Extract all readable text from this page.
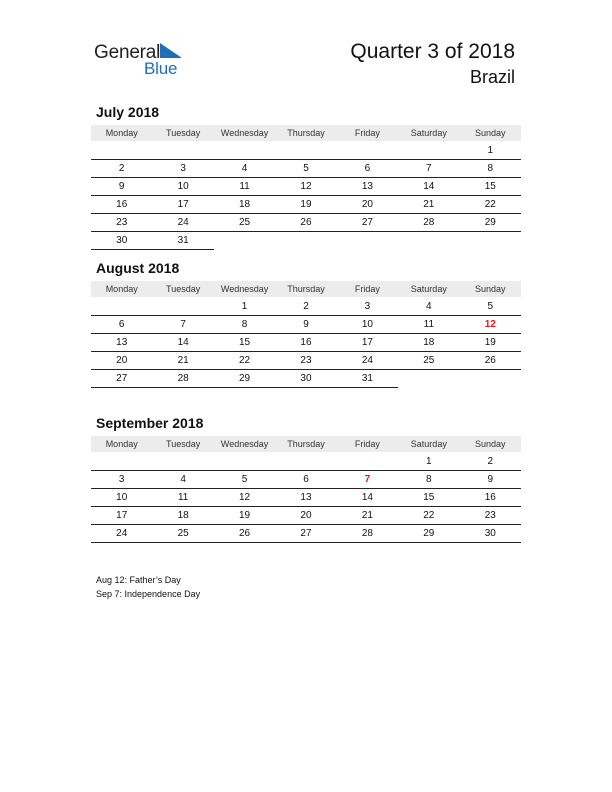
General
Blue
Quarter 3 of 2018
Brazil
July 2018
Monday	Tuesday	Wednesday	Thursday	Friday	Saturday	Sunday
						1
2	3	4	5	6	7	8
9	10	11	12	13	14	15
16	17	18	19	20	21	22
23	24	25	26	27	28	29
30	31					
August 2018
Monday	Tuesday	Wednesday	Thursday	Friday	Saturday	Sunday
		1	2	3	4	5
6	7	8	9	10	11	12
13	14	15	16	17	18	19
20	21	22	23	24	25	26
27	28	29	30	31		
September 2018
Monday	Tuesday	Wednesday	Thursday	Friday	Saturday	Sunday
					1	2
3	4	5	6	7	8	9
10	11	12	13	14	15	16
17	18	19	20	21	22	23
24	25	26	27	28	29	30
Aug 12: Father’s Day
Sep 7: Independence Day
